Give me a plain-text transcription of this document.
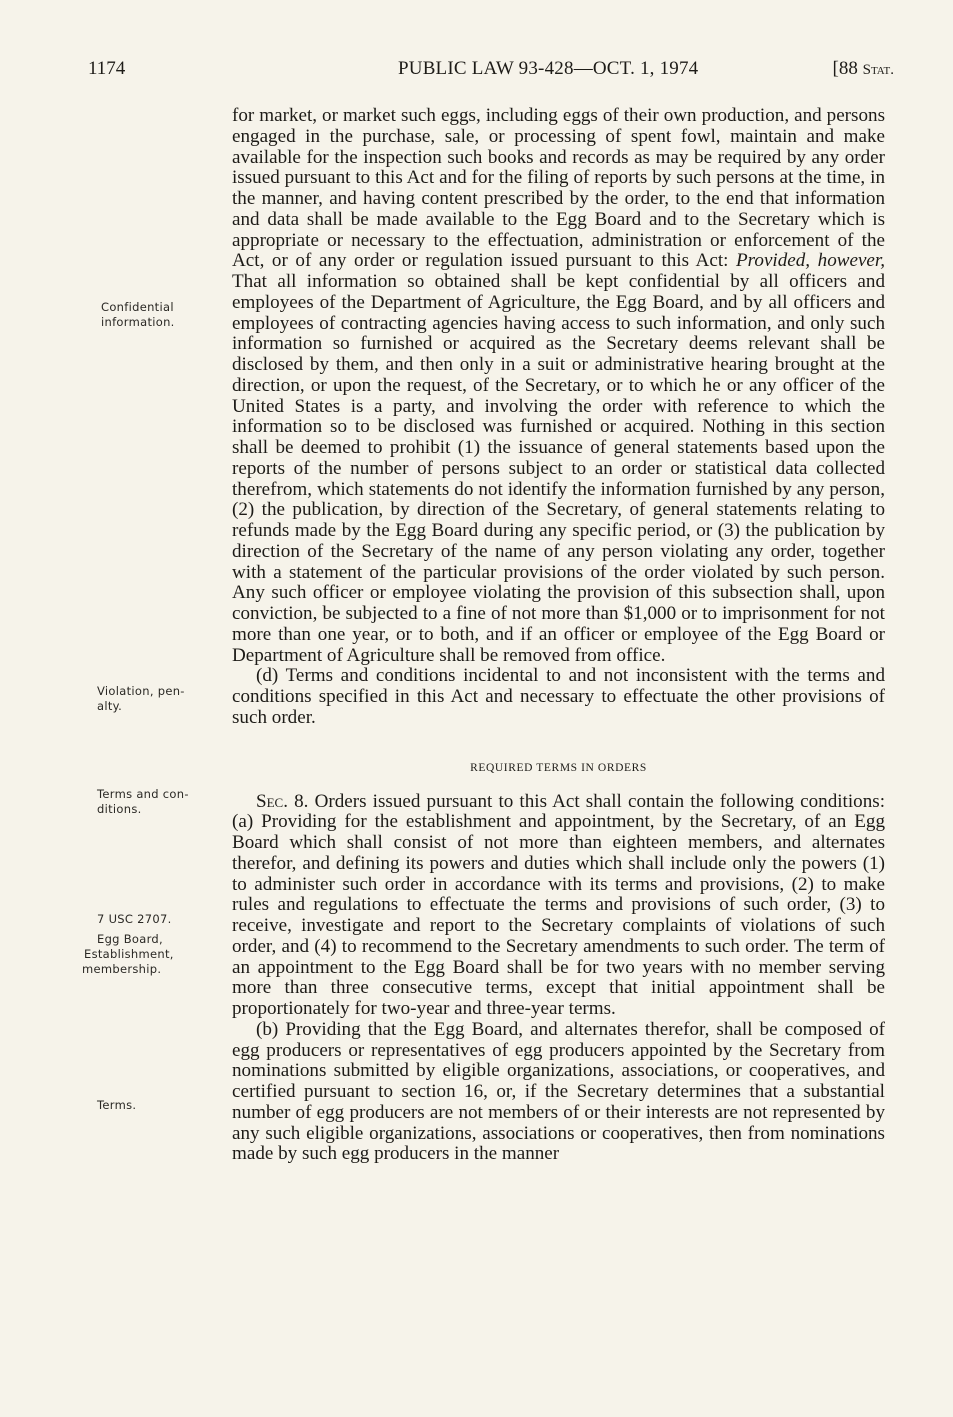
1174	PUBLIC LAW 93-428—OCT. 1, 1974	[88 Stat.
Confidential
information.
Violation, pen-
alty.
Terms and con-
ditions.
7 USC 2707.
Egg Board,
Establishment,
membership.
Terms.

for market, or market such eggs, including eggs of their own production, and persons engaged in the purchase, sale, or processing of spent fowl, maintain and make available for the inspection such books and records as may be required by any order issued pursuant to this Act and for the filing of reports by such persons at the time, in the manner, and having content prescribed by the order, to the end that information and data shall be made available to the Egg Board and to the Secretary which is appropriate or necessary to the effectuation, administration or enforcement of the Act, or of any order or regulation issued pursuant to this Act: Provided, however, That all information so obtained shall be kept confidential by all officers and employees of the Department of Agriculture, the Egg Board, and by all officers and employees of contracting agencies having access to such information, and only such information so furnished or acquired as the Secretary deems relevant shall be disclosed by them, and then only in a suit or administrative hearing brought at the direction, or upon the request, of the Secretary, or to which he or any officer of the United States is a party, and involving the order with reference to which the information so to be disclosed was furnished or acquired. Nothing in this section shall be deemed to prohibit (1) the issuance of general statements based upon the reports of the number of persons subject to an order or statistical data collected therefrom, which statements do not identify the information furnished by any person, (2) the publication, by direction of the Secretary, of general statements relating to refunds made by the Egg Board during any specific period, or (3) the publication by direction of the Secretary of the name of any person violating any order, together with a statement of the particular provisions of the order violated by such person. Any such officer or employee violating the provision of this subsection shall, upon conviction, be subjected to a fine of not more than $1,000 or to imprisonment for not more than one year, or to both, and if an officer or employee of the Egg Board or Department of Agriculture shall be removed from office.

(d) Terms and conditions incidental to and not inconsistent with the terms and conditions specified in this Act and necessary to effectuate the other provisions of such order.

REQUIRED TERMS IN ORDERS

Sec. 8. Orders issued pursuant to this Act shall contain the following conditions: (a) Providing for the establishment and appointment, by the Secretary, of an Egg Board which shall consist of not more than eighteen members, and alternates therefor, and defining its powers and duties which shall include only the powers (1) to administer such order in accordance with its terms and provisions, (2) to make rules and regulations to effectuate the terms and provisions of such order, (3) to receive, investigate and report to the Secretary complaints of violations of such order, and (4) to recommend to the Secretary amendments to such order. The term of an appointment to the Egg Board shall be for two years with no member serving more than three consecutive terms, except that initial appointment shall be proportionately for two-year and three-year terms.

(b) Providing that the Egg Board, and alternates therefor, shall be composed of egg producers or representatives of egg producers appointed by the Secretary from nominations submitted by eligible organizations, associations, or cooperatives, and certified pursuant to section 16, or, if the Secretary determines that a substantial number of egg producers are not members of or their interests are not represented by any such eligible organizations, associations or cooperatives, then from nominations made by such egg producers in the manner
